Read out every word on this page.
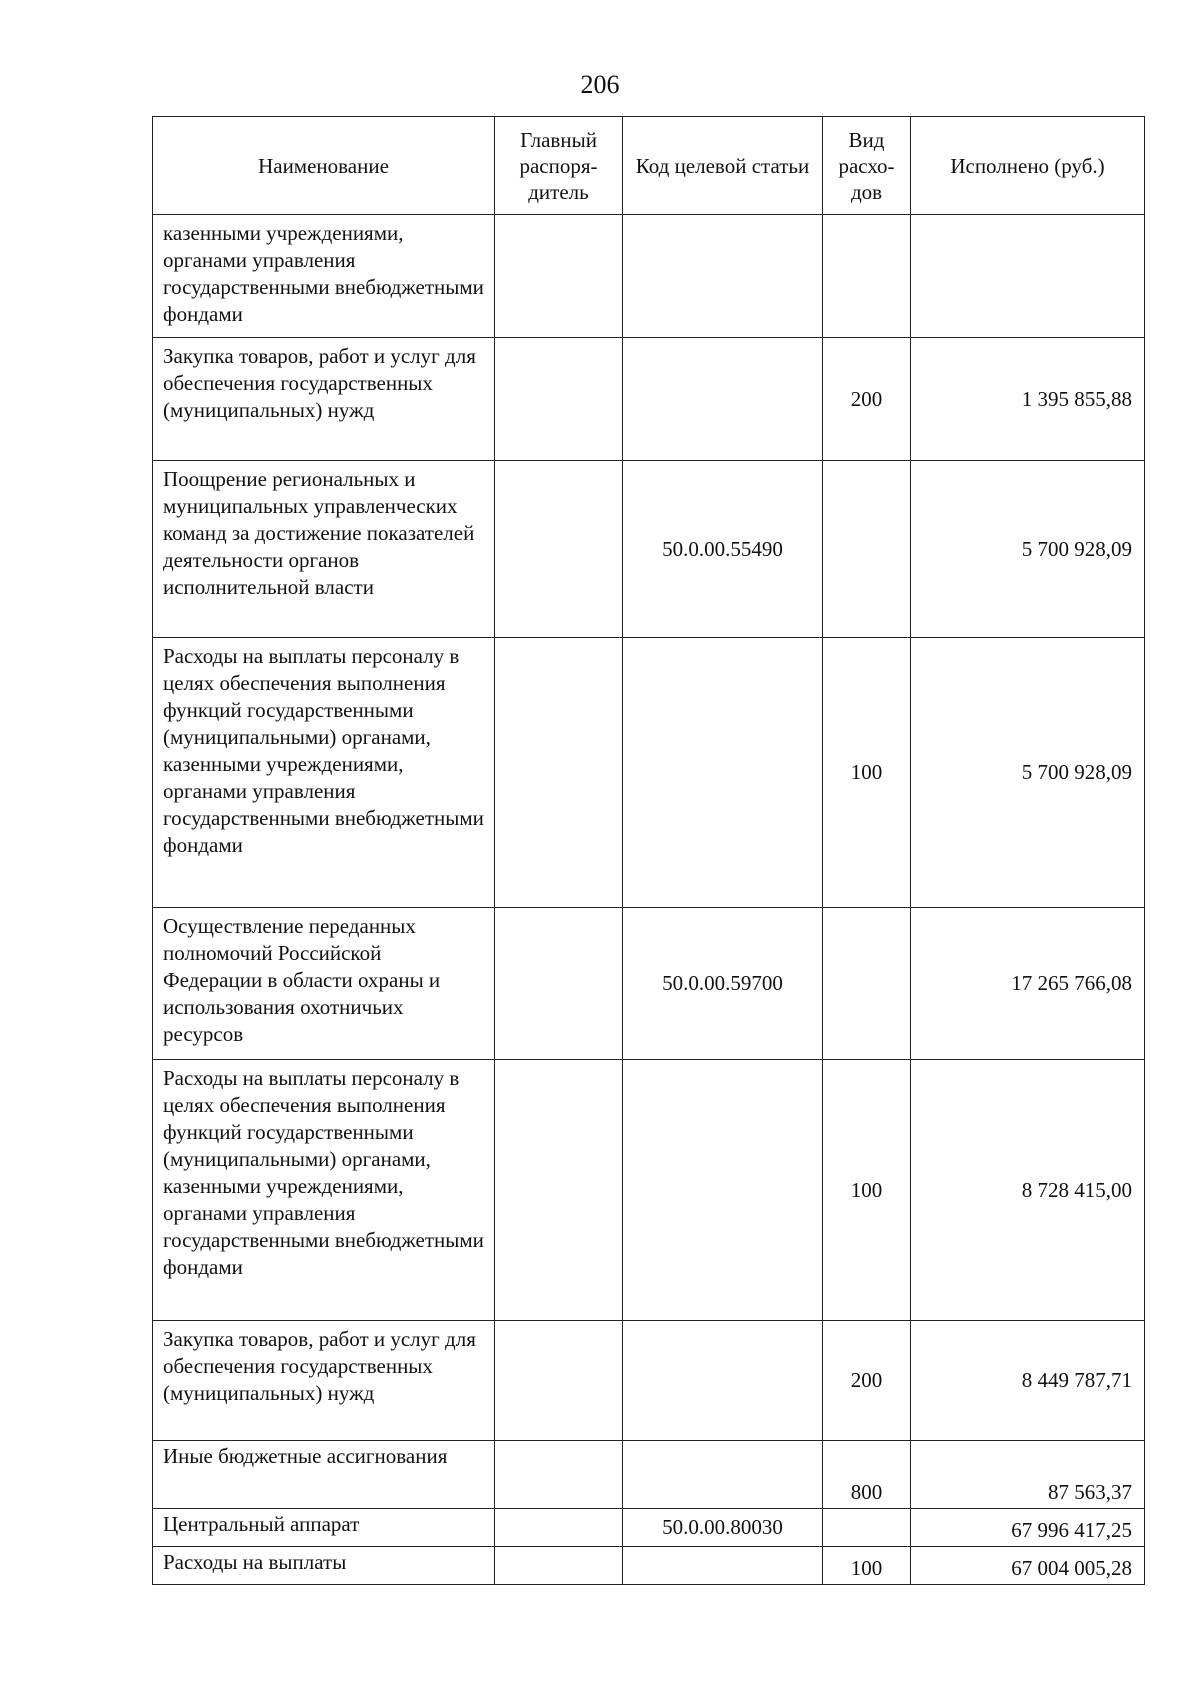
206
Наименование	Главный распоря-дитель	Код целевой статьи	Вид расхо-дов	Исполнено (руб.)
казенными учреждениями, органами управления государственными внебюджетными фондами				
Закупка товаров, работ и услуг для обеспечения государственных (муниципальных) нужд			200	1 395 855,88
Поощрение региональных и муниципальных управленческих команд за достижение показателей деятельности органов исполнительной власти		50.0.00.55490		5 700 928,09
Расходы на выплаты персоналу в целях обеспечения выполнения функций государственными (муниципальными) органами, казенными учреждениями, органами управления государственными внебюджетными фондами			100	5 700 928,09
Осуществление переданных полномочий Российской Федерации в области охраны и использования охотничьих ресурсов		50.0.00.59700		17 265 766,08
Расходы на выплаты персоналу в целях обеспечения выполнения функций государственными (муниципальными) органами, казенными учреждениями, органами управления государственными внебюджетными фондами			100	8 728 415,00
Закупка товаров, работ и услуг для обеспечения государственных (муниципальных) нужд			200	8 449 787,71
Иные бюджетные ассигнования			800	87 563,37
Центральный аппарат		50.0.00.80030		67 996 417,25
Расходы на выплаты			100	67 004 005,28
